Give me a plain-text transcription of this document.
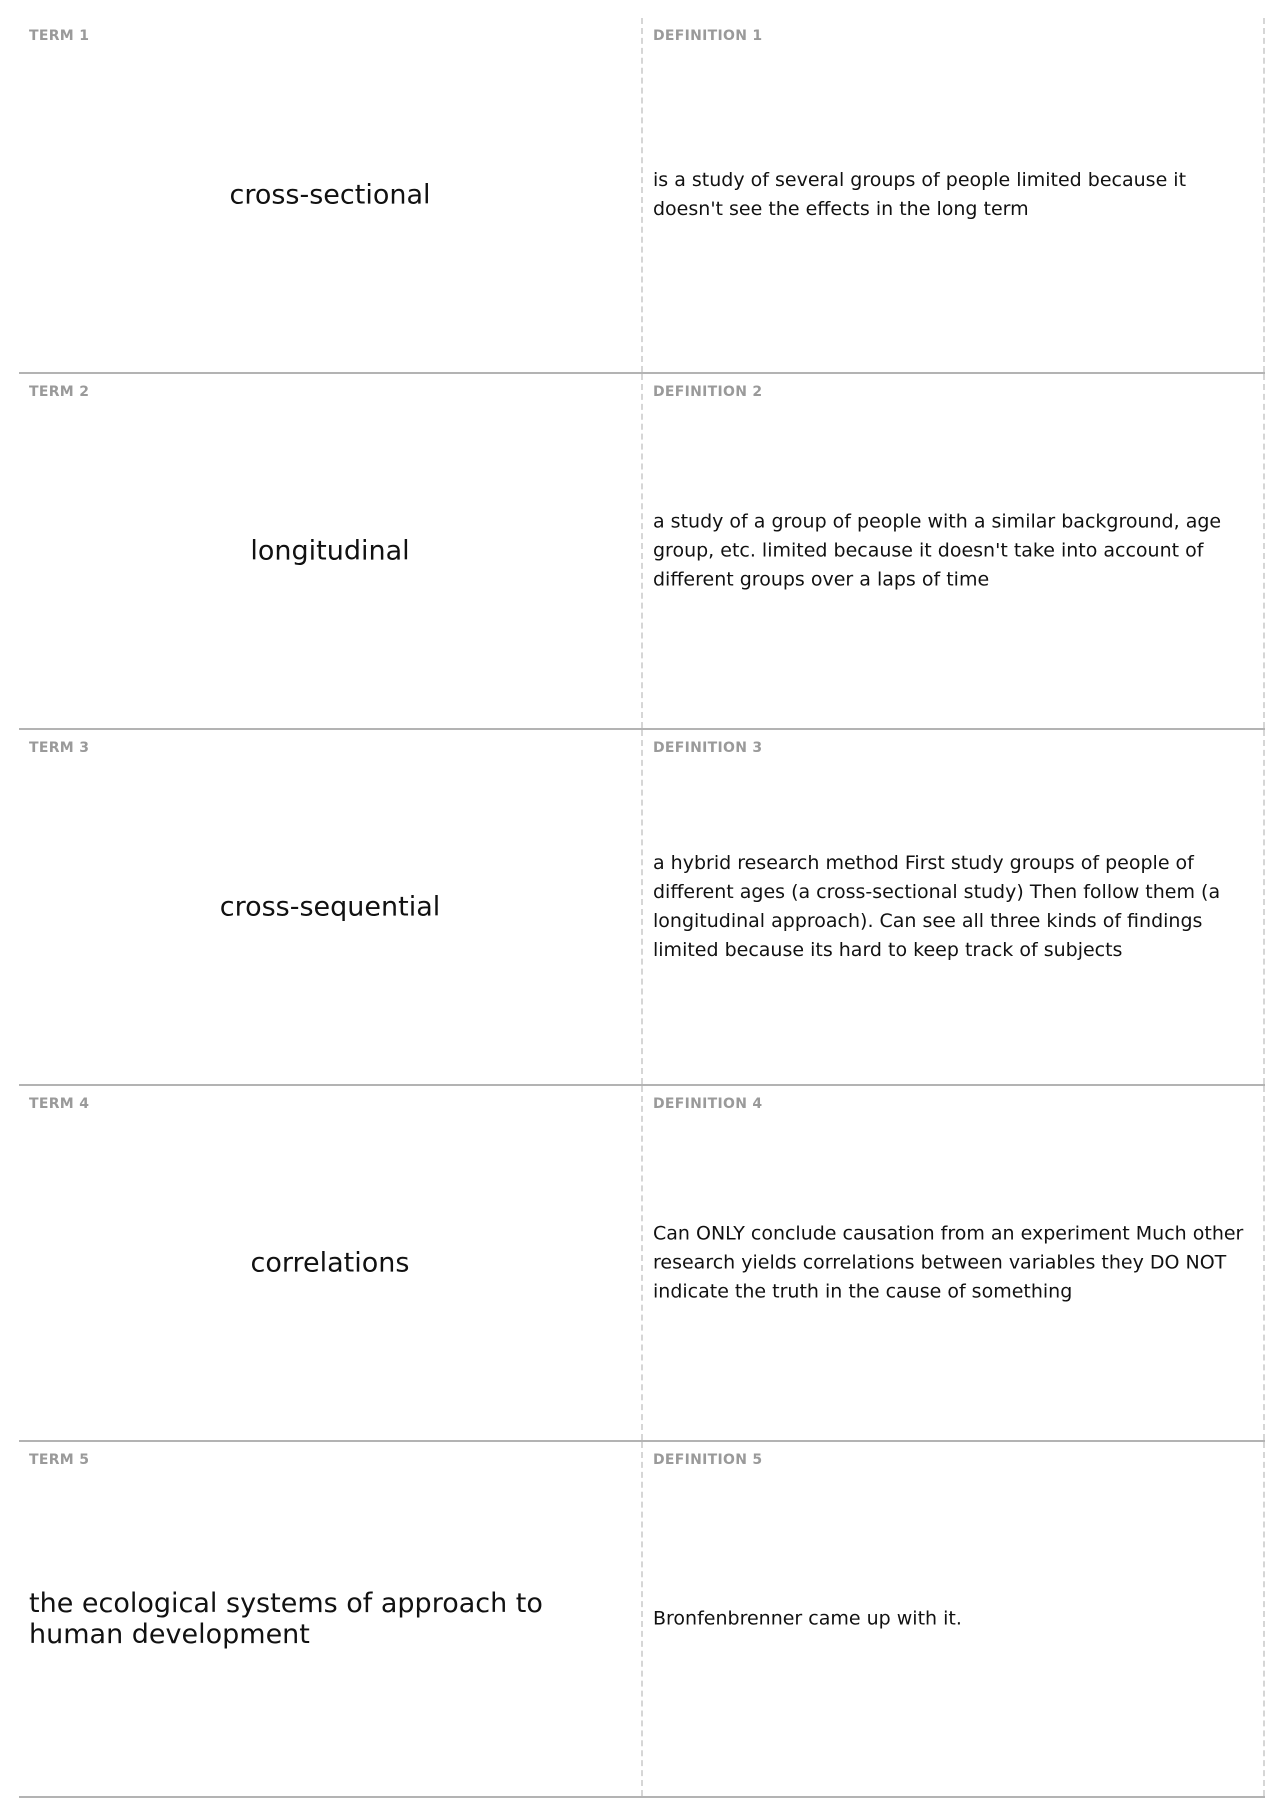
TERM 1
cross-sectional
DEFINITION 1
is a study of several groups of people limited because it doesn't see the effects in the long term
TERM 2
longitudinal
DEFINITION 2
a study of a group of people with a similar background, age group, etc. limited because it doesn't take into account of different groups over a laps of time
TERM 3
cross-sequential
DEFINITION 3
a hybrid research method First study groups of people of different ages (a cross-sectional study) Then follow them (a longitudinal approach). Can see all three kinds of findings limited because its hard to keep track of subjects
TERM 4
correlations
DEFINITION 4
Can ONLY conclude causation from an experiment Much other research yields correlations between variables they DO NOT indicate the truth in the cause of something
TERM 5
the ecological systems of approach to human development
DEFINITION 5
Bronfenbrenner came up with it.
